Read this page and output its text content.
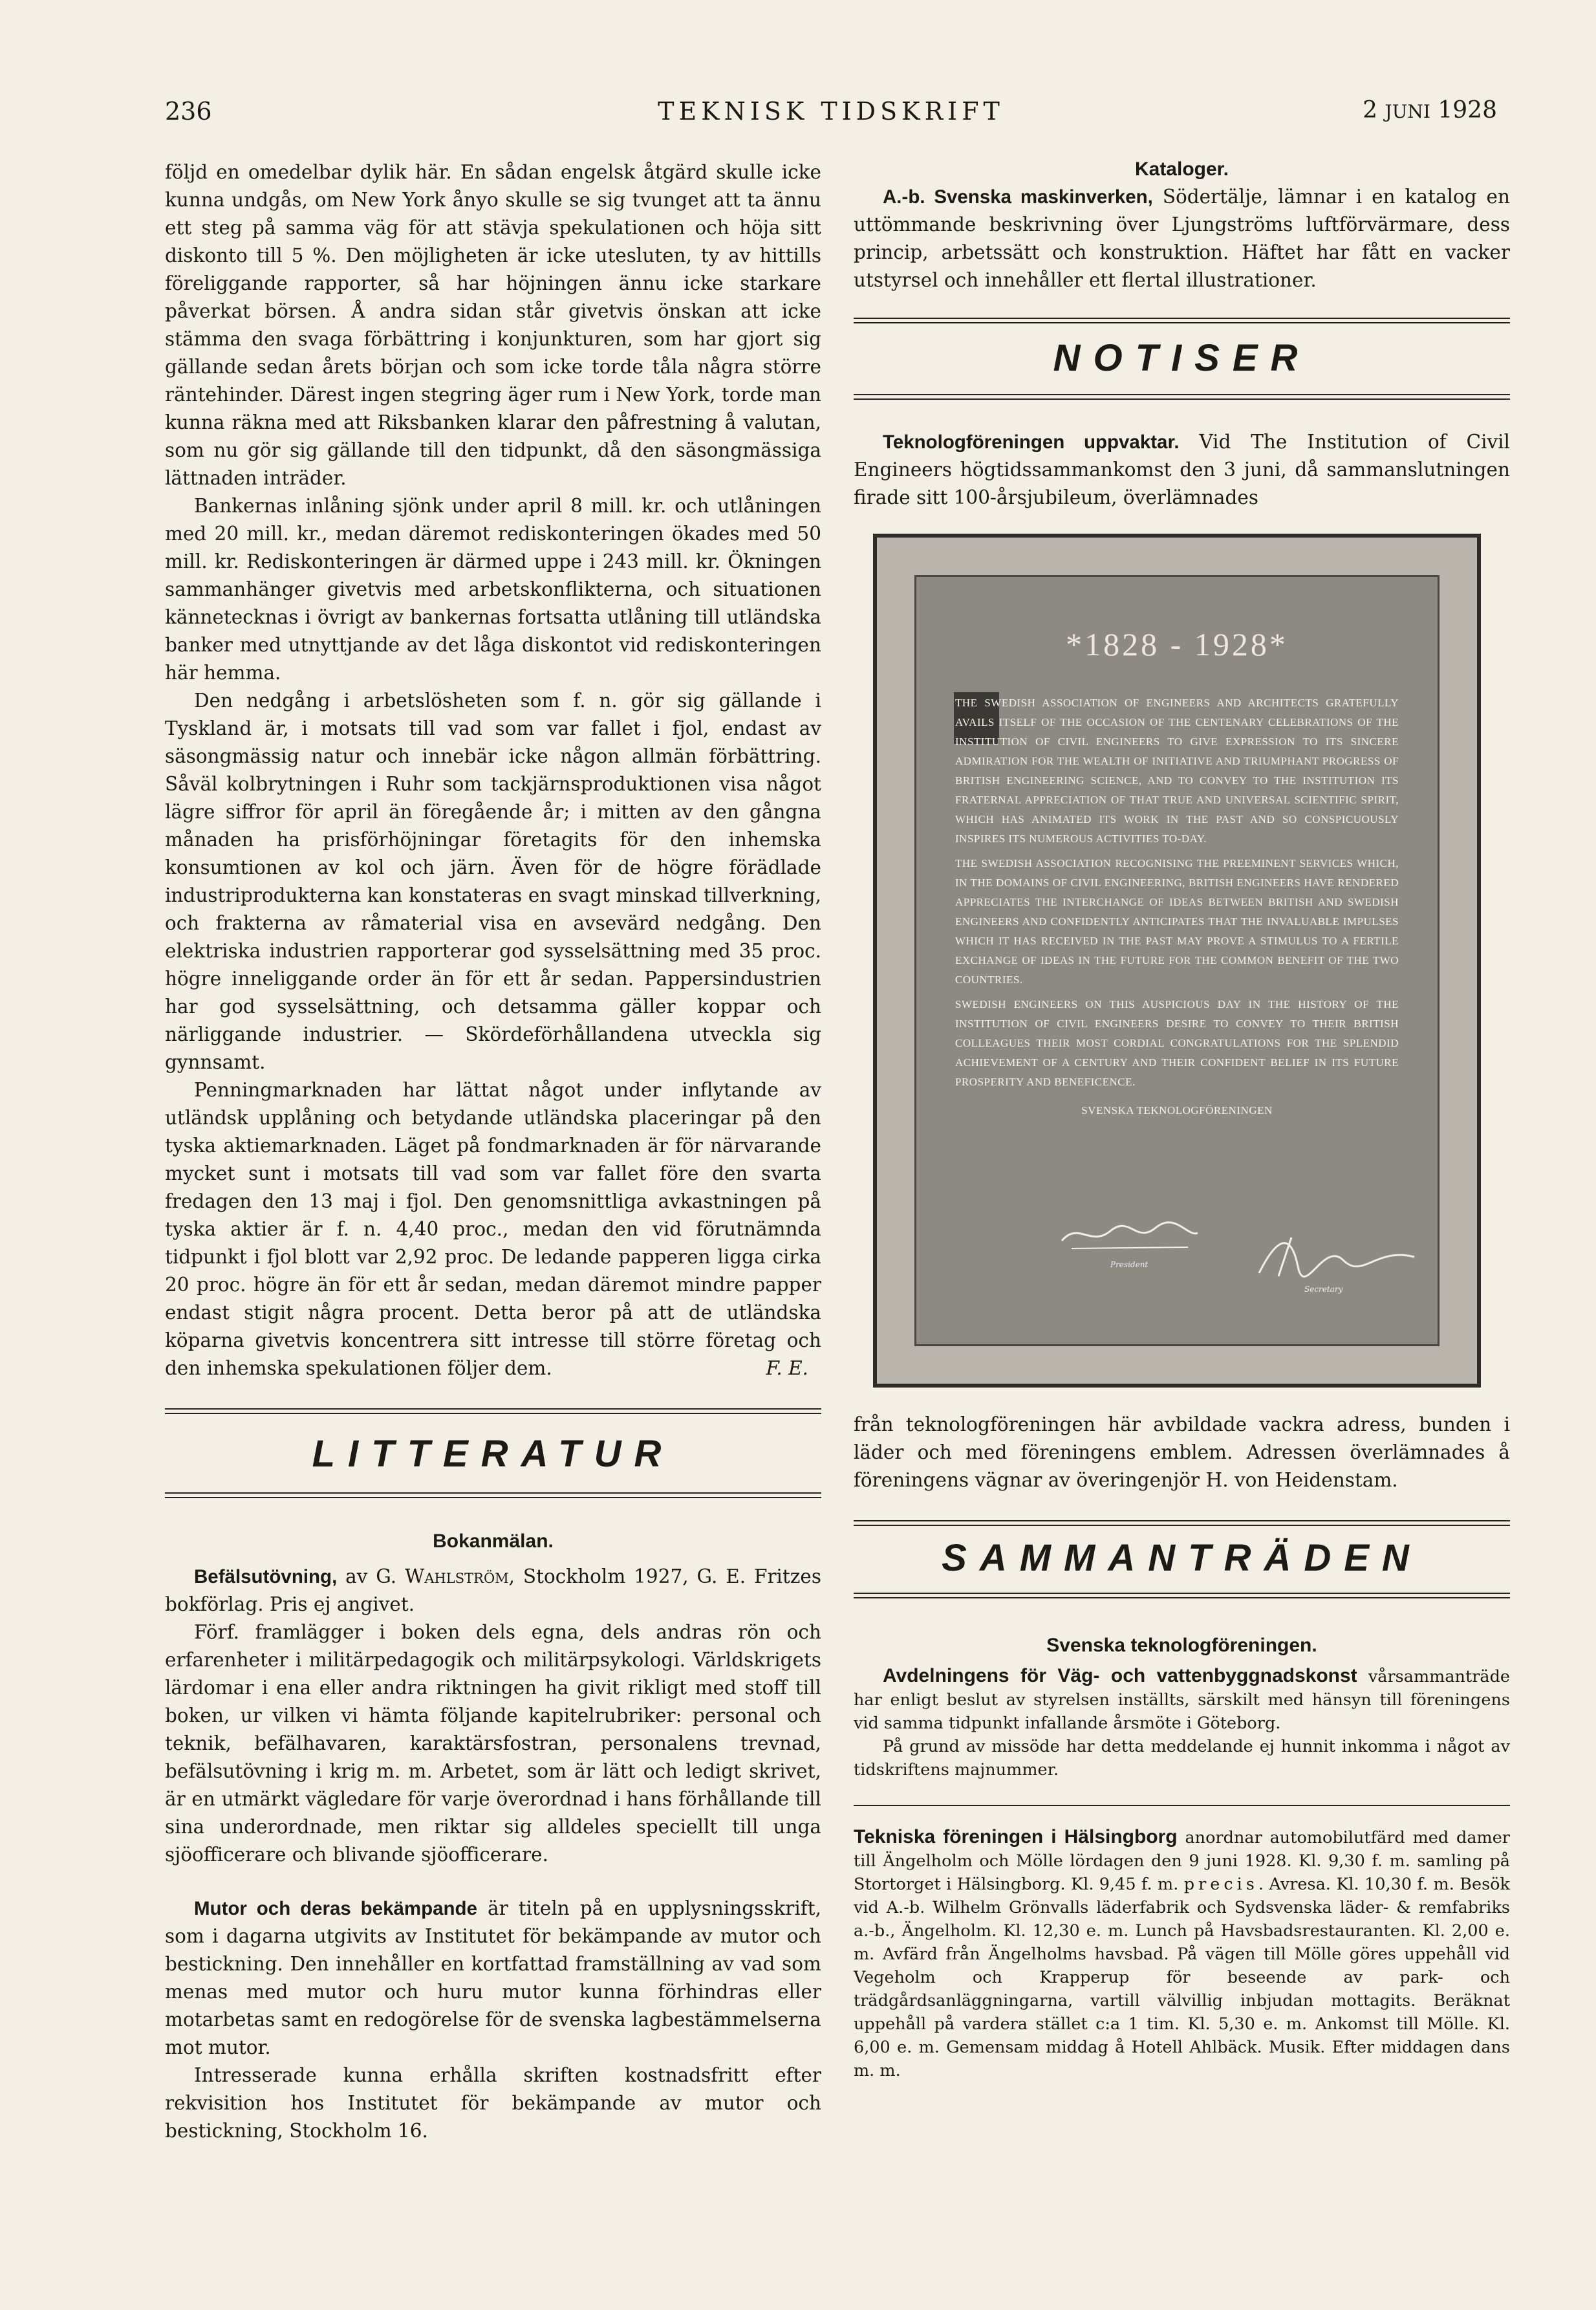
236	TEKNISK TIDSKRIFT	2 JUNI 1928

följd en omedelbar dylik här. En sådan engelsk åtgärd skulle icke kunna undgås, om New York ånyo skulle se sig tvunget att ta ännu ett steg på samma väg för att stävja spekulationen och höja sitt diskonto till 5 %. Den möjligheten är icke utesluten, ty av hittills föreliggande rapporter, så har höjningen ännu icke starkare påverkat börsen. Å andra sidan står givetvis önskan att icke stämma den svaga förbättring i konjunkturen, som har gjort sig gällande sedan årets början och som icke torde tåla några större räntehinder. Därest ingen stegring äger rum i New York, torde man kunna räkna med att Riksbanken klarar den påfrestning å valutan, som nu gör sig gällande till den tidpunkt, då den säsongmässiga lättnaden inträder.

Bankernas inlåning sjönk under april 8 mill. kr. och utlåningen med 20 mill. kr., medan däremot rediskonteringen ökades med 50 mill. kr. Rediskonteringen är därmed uppe i 243 mill. kr. Ökningen sammanhänger givetvis med arbetskonflikterna, och situationen kännetecknas i övrigt av bankernas fortsatta utlåning till utländska banker med utnyttjande av det låga diskontot vid rediskonteringen här hemma.

Den nedgång i arbetslösheten som f. n. gör sig gällande i Tyskland är, i motsats till vad som var fallet i fjol, endast av säsongmässig natur och innebär icke någon allmän förbättring. Såväl kolbrytningen i Ruhr som tackjärnsproduktionen visa något lägre siffror för april än föregående år; i mitten av den gångna månaden ha prisförhöjningar företagits för den inhemska konsumtionen av kol och järn. Även för de högre förädlade industriprodukterna kan konstateras en svagt minskad tillverkning, och frakterna av råmaterial visa en avsevärd nedgång. Den elektriska industrien rapporterar god sysselsättning med 35 proc. högre inneliggande order än för ett år sedan. Pappersindustrien har god sysselsättning, och detsamma gäller koppar och närliggande industrier. — Skördeförhållandena utveckla sig gynnsamt.

Penningmarknaden har lättat något under inflytande av utländsk upplåning och betydande utländska placeringar på den tyska aktiemarknaden. Läget på fondmarknaden är för närvarande mycket sunt i motsats till vad som var fallet före den svarta fredagen den 13 maj i fjol. Den genomsnittliga avkastningen på tyska aktier är f. n. 4,40 proc., medan den vid förutnämnda tidpunkt i fjol blott var 2,92 proc. De ledande papperen ligga cirka 20 proc. högre än för ett år sedan, medan däremot mindre papper endast stigit några procent. Detta beror på att de utländska köparna givetvis koncentrera sitt intresse till större företag och den inhemska spekulationen följer dem.	F. E.

LITTERATUR

Bokanmälan.

Befälsutövning, av G. Wahlström, Stockholm 1927, G. E. Fritzes bokförlag. Pris ej angivet.

Förf. framlägger i boken dels egna, dels andras rön och erfarenheter i militärpedagogik och militärpsykologi. Världskrigets lärdomar i ena eller andra riktningen ha givit rikligt med stoff till boken, ur vilken vi hämta följande kapitelrubriker: personal och teknik, befälhavaren, karaktärsfostran, personalens trevnad, befälsutövning i krig m. m. Arbetet, som är lätt och ledigt skrivet, är en utmärkt vägledare för varje överordnad i hans förhållande till sina underordnade, men riktar sig alldeles speciellt till unga sjöofficerare och blivande sjöofficerare.

Mutor och deras bekämpande är titeln på en upplysningsskrift, som i dagarna utgivits av Institutet för bekämpande av mutor och bestickning. Den innehåller en kortfattad framställning av vad som menas med mutor och huru mutor kunna förhindras eller motarbetas samt en redogörelse för de svenska lagbestämmelserna mot mutor.

Intresserade kunna erhålla skriften kostnadsfritt efter rekvisition hos Institutet för bekämpande av mutor och bestickning, Stockholm 16.

Kataloger.

A.-b. Svenska maskinverken, Södertälje, lämnar i en katalog en uttömmande beskrivning över Ljungströms luftförvärmare, dess princip, arbetssätt och konstruktion. Häftet har fått en vacker utstyrsel och innehåller ett flertal illustrationer.

NOTISER

Teknologföreningen uppvaktar. Vid The Institution of Civil Engineers högtidssammankomst den 3 juni, då sammanslutningen firade sitt 100-årsjubileum, överlämnades

från teknologföreningen här avbildade vackra adress, bunden i läder och med föreningens emblem. Adressen överlämnades å föreningens vägnar av överingenjör H. von Heidenstam.

SAMMANTRÄDEN

Svenska teknologföreningen.

Avdelningens för Väg- och vattenbyggnadskonst vårsammanträde har enligt beslut av styrelsen inställts, särskilt med hänsyn till föreningens vid samma tidpunkt infallande årsmöte i Göteborg.

På grund av missöde har detta meddelande ej hunnit inkomma i något av tidskriftens majnummer.

Tekniska föreningen i Hälsingborg anordnar automobilutfärd med damer till Ängelholm och Mölle lördagen den 9 juni 1928. Kl. 9,30 f. m. samling på Stortorget i Hälsingborg. Kl. 9,45 f. m. precis. Avresa. Kl. 10,30 f. m. Besök vid A.-b. Wilhelm Grönvalls läderfabrik och Sydsvenska läder- & remfabriks a.-b., Ängelholm. Kl. 12,30 e. m. Lunch på Havsbadsrestauranten. Kl. 2,00 e. m. Avfärd från Ängelholms havsbad. På vägen till Mölle göres uppehåll vid Vegeholm och Krapperup för beseende av park- och trädgårdsanläggningarna, vartill välvillig inbjudan mottagits. Beräknat uppehåll på vardera stället c:a 1 tim. Kl. 5,30 e. m. Ankomst till Mölle. Kl. 6,00 e. m. Gemensam middag å Hotell Ahlbäck. Musik. Efter middagen dans m. m.

*1828 - 1928*

THE SWEDISH ASSOCIATION OF ENGINEERS AND ARCHITECTS GRATEFULLY AVAILS ITSELF OF THE OCCASION OF THE CENTENARY CELEBRATIONS OF THE INSTITUTION OF CIVIL ENGINEERS TO GIVE EXPRESSION TO ITS SINCERE ADMIRATION FOR THE WEALTH OF INITIATIVE AND TRIUMPHANT PROGRESS OF BRITISH ENGINEERING SCIENCE, AND TO CONVEY TO THE INSTITUTION ITS FRATERNAL APPRECIATION OF THAT TRUE AND UNIVERSAL SCIENTIFIC SPIRIT, WHICH HAS ANIMATED ITS WORK IN THE PAST AND SO CONSPICUOUSLY INSPIRES ITS NUMEROUS ACTIVITIES TO-DAY.

THE SWEDISH ASSOCIATION RECOGNISING THE PREEMINENT SERVICES WHICH, IN THE DOMAINS OF CIVIL ENGINEERING, BRITISH ENGINEERS HAVE RENDERED APPRECIATES THE INTERCHANGE OF IDEAS BETWEEN BRITISH AND SWEDISH ENGINEERS AND CONFIDENTLY ANTICIPATES THAT THE INVALUABLE IMPULSES WHICH IT HAS RECEIVED IN THE PAST MAY PROVE A STIMULUS TO A FERTILE EXCHANGE OF IDEAS IN THE FUTURE FOR THE COMMON BENEFIT OF THE TWO COUNTRIES.

SWEDISH ENGINEERS ON THIS AUSPICIOUS DAY IN THE HISTORY OF THE INSTITUTION OF CIVIL ENGINEERS DESIRE TO CONVEY TO THEIR BRITISH COLLEAGUES THEIR MOST CORDIAL CONGRATULATIONS FOR THE SPLENDID ACHIEVEMENT OF A CENTURY AND THEIR CONFIDENT BELIEF IN ITS FUTURE PROSPERITY AND BENEFICENCE.

SVENSKA TEKNOLOGFÖRENINGEN

President
Secretary
